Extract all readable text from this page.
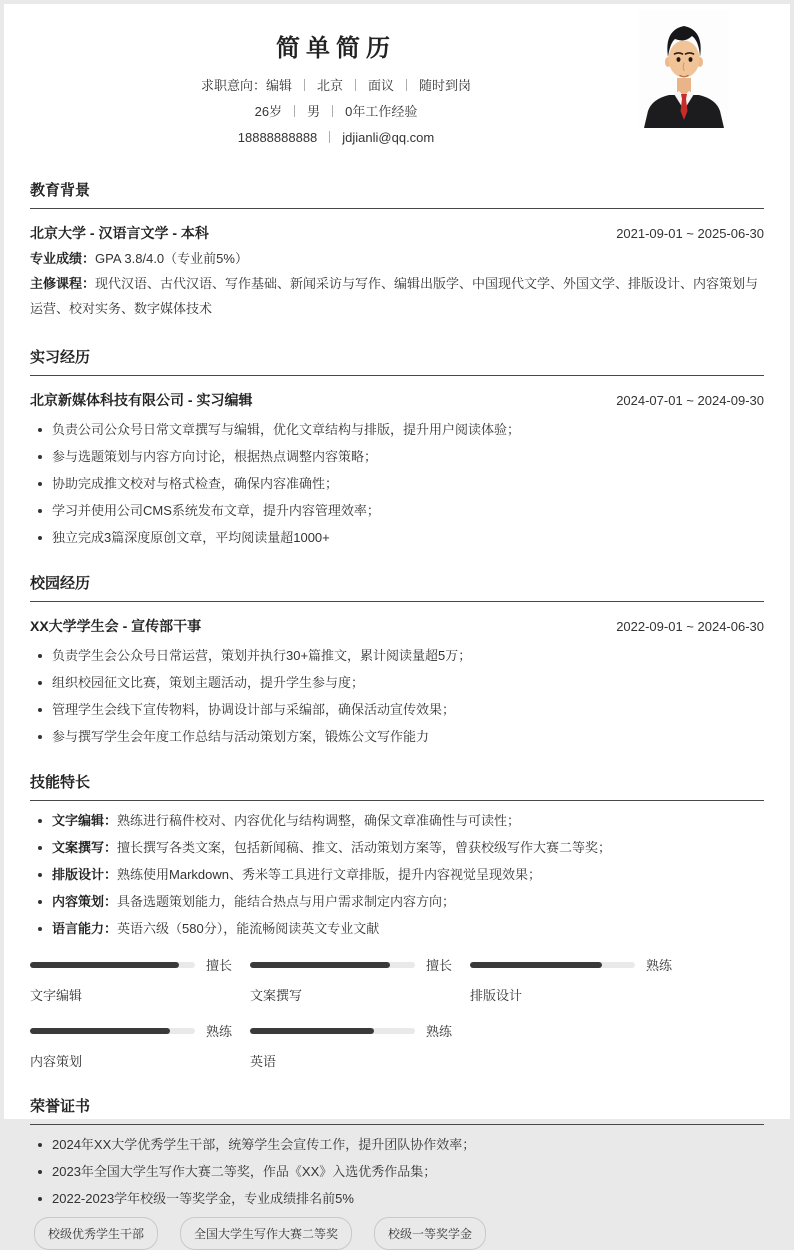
简单简历
求职意向：编辑 北京 面议 随时到岗
26岁 男 0年工作经验
18888888888 jdjianli@qq.com
教育背景
北京大学 - 汉语言文学 - 本科	2021-09-01 ~ 2025-06-30

专业成绩：GPA 3.8/4.0（专业前5%）

主修课程：现代汉语、古代汉语、写作基础、新闻采访与写作、编辑出版学、中国现代文学、外国文学、排版设计、内容策划与运营、校对实务、数字媒体技术

实习经历
北京新媒体科技有限公司 - 实习编辑	2024-07-01 ~ 2024-09-30
负责公司公众号日常文章撰写与编辑，优化文章结构与排版，提升用户阅读体验；
参与选题策划与内容方向讨论，根据热点调整内容策略；
协助完成推文校对与格式检查，确保内容准确性；
学习并使用公司CMS系统发布文章，提升内容管理效率；
独立完成3篇深度原创文章，平均阅读量超1000+
校园经历
XX大学学生会 - 宣传部干事	2022-09-01 ~ 2024-06-30
负责学生会公众号日常运营，策划并执行30+篇推文，累计阅读量超5万；
组织校园征文比赛，策划主题活动，提升学生参与度；
管理学生会线下宣传物料，协调设计部与采编部，确保活动宣传效果；
参与撰写学生会年度工作总结与活动策划方案，锻炼公文写作能力
技能特长
文字编辑：熟练进行稿件校对、内容优化与结构调整，确保文章准确性与可读性；
文案撰写：擅长撰写各类文案，包括新闻稿、推文、活动策划方案等，曾获校级写作大赛二等奖；
排版设计：熟练使用Markdown、秀米等工具进行文章排版，提升内容视觉呈现效果；
内容策划：具备选题策划能力，能结合热点与用户需求制定内容方向；
语言能力：英语六级（580分），能流畅阅读英文专业文献
擅长
文字编辑
擅长
文案撰写
熟练
排版设计
熟练
内容策划
熟练
英语
荣誉证书
2024年XX大学优秀学生干部，统筹学生会宣传工作，提升团队协作效率；
2023年全国大学生写作大赛二等奖，作品《XX》入选优秀作品集；
2022-2023学年校级一等奖学金，专业成绩排名前5%
校级优秀学生干部	全国大学生写作大赛二等奖	校级一等奖学金
